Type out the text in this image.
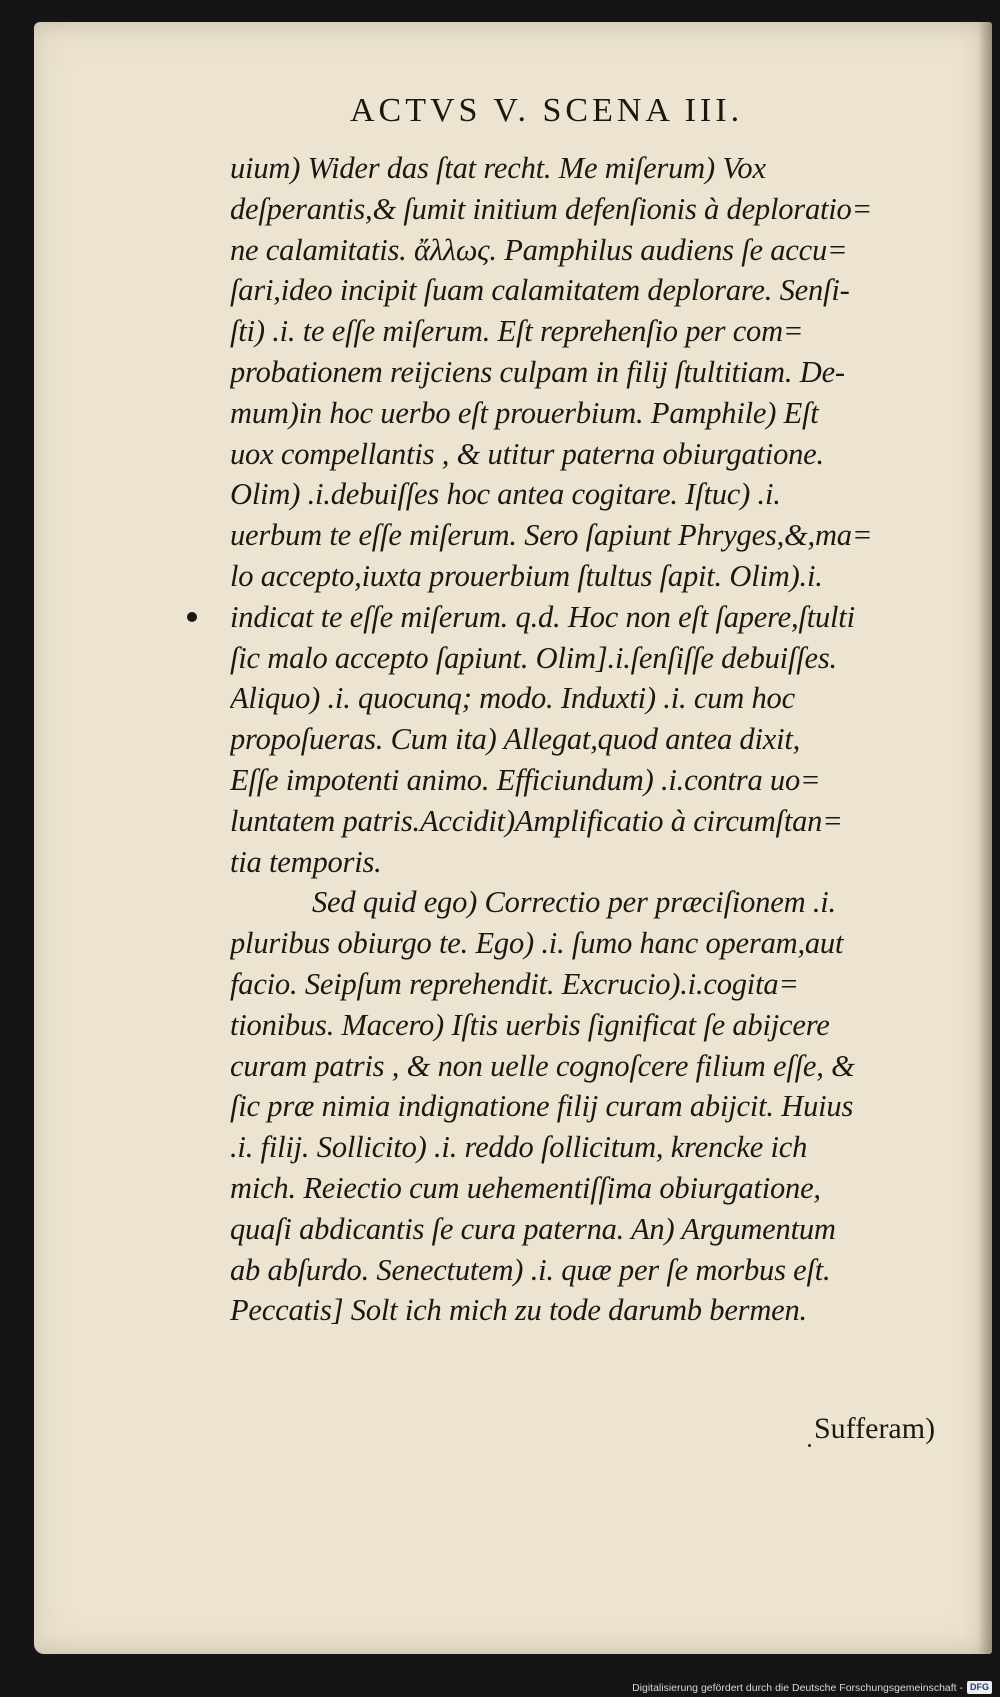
ACTVS V. SCENA III.
uium) Wider das ſtat recht. Me miſerum) Vox
deſperantis,& ſumit initium defenſionis à deploratio=
ne calamitatis. ἄλλως. Pamphilus audiens ſe accu=
ſari,ideo incipit ſuam calamitatem deplorare. Senſi-
ſti) .i. te eſſe miſerum. Eſt reprehenſio per com=
probationem reijciens culpam in filij ſtultitiam. De-
mum)in hoc uerbo eſt prouerbium. Pamphile) Eſt
uox compellantis , & utitur paterna obiurgatione.
Olim) .i.debuiſſes hoc antea cogitare. Iſtuc) .i.
uerbum te eſſe miſerum. Sero ſapiunt Phryges,&,ma=
lo accepto,iuxta prouerbium ſtultus ſapit. Olim).i.
indicat te eſſe miſerum. q.d. Hoc non eſt ſapere,ſtulti
ſic malo accepto ſapiunt. Olim].i.ſenſiſſe debuiſſes.
Aliquo) .i. quocunq; modo. Induxti) .i. cum hoc
propoſueras. Cum ita) Allegat,quod antea dixit,
Eſſe impotenti animo. Efficiundum) .i.contra uo=
luntatem patris.Accidit)Amplificatio à circumſtan=
tia temporis.
Sed quid ego) Correctio per præciſionem .i.
pluribus obiurgo te. Ego) .i. ſumo hanc operam,aut
facio. Seipſum reprehendit. Excrucio).i.cogita=
tionibus. Macero) Iſtis uerbis ſignificat ſe abijcere
curam patris , & non uelle cognoſcere filium eſſe, &
ſic præ nimia indignatione filij curam abijcit. Huius
.i. filij. Sollicito) .i. reddo ſollicitum, krencke ich
mich. Reiectio cum uehementiſſima obiurgatione,
quaſi abdicantis ſe cura paterna. An) Argumentum
ab abſurdo. Senectutem) .i. quæ per ſe morbus eſt.
Peccatis] Solt ich mich zu tode darumb bermen.
Sufferam)
Digitalisierung gefördert durch die Deutsche Forschungsgemeinschaft - DFG
